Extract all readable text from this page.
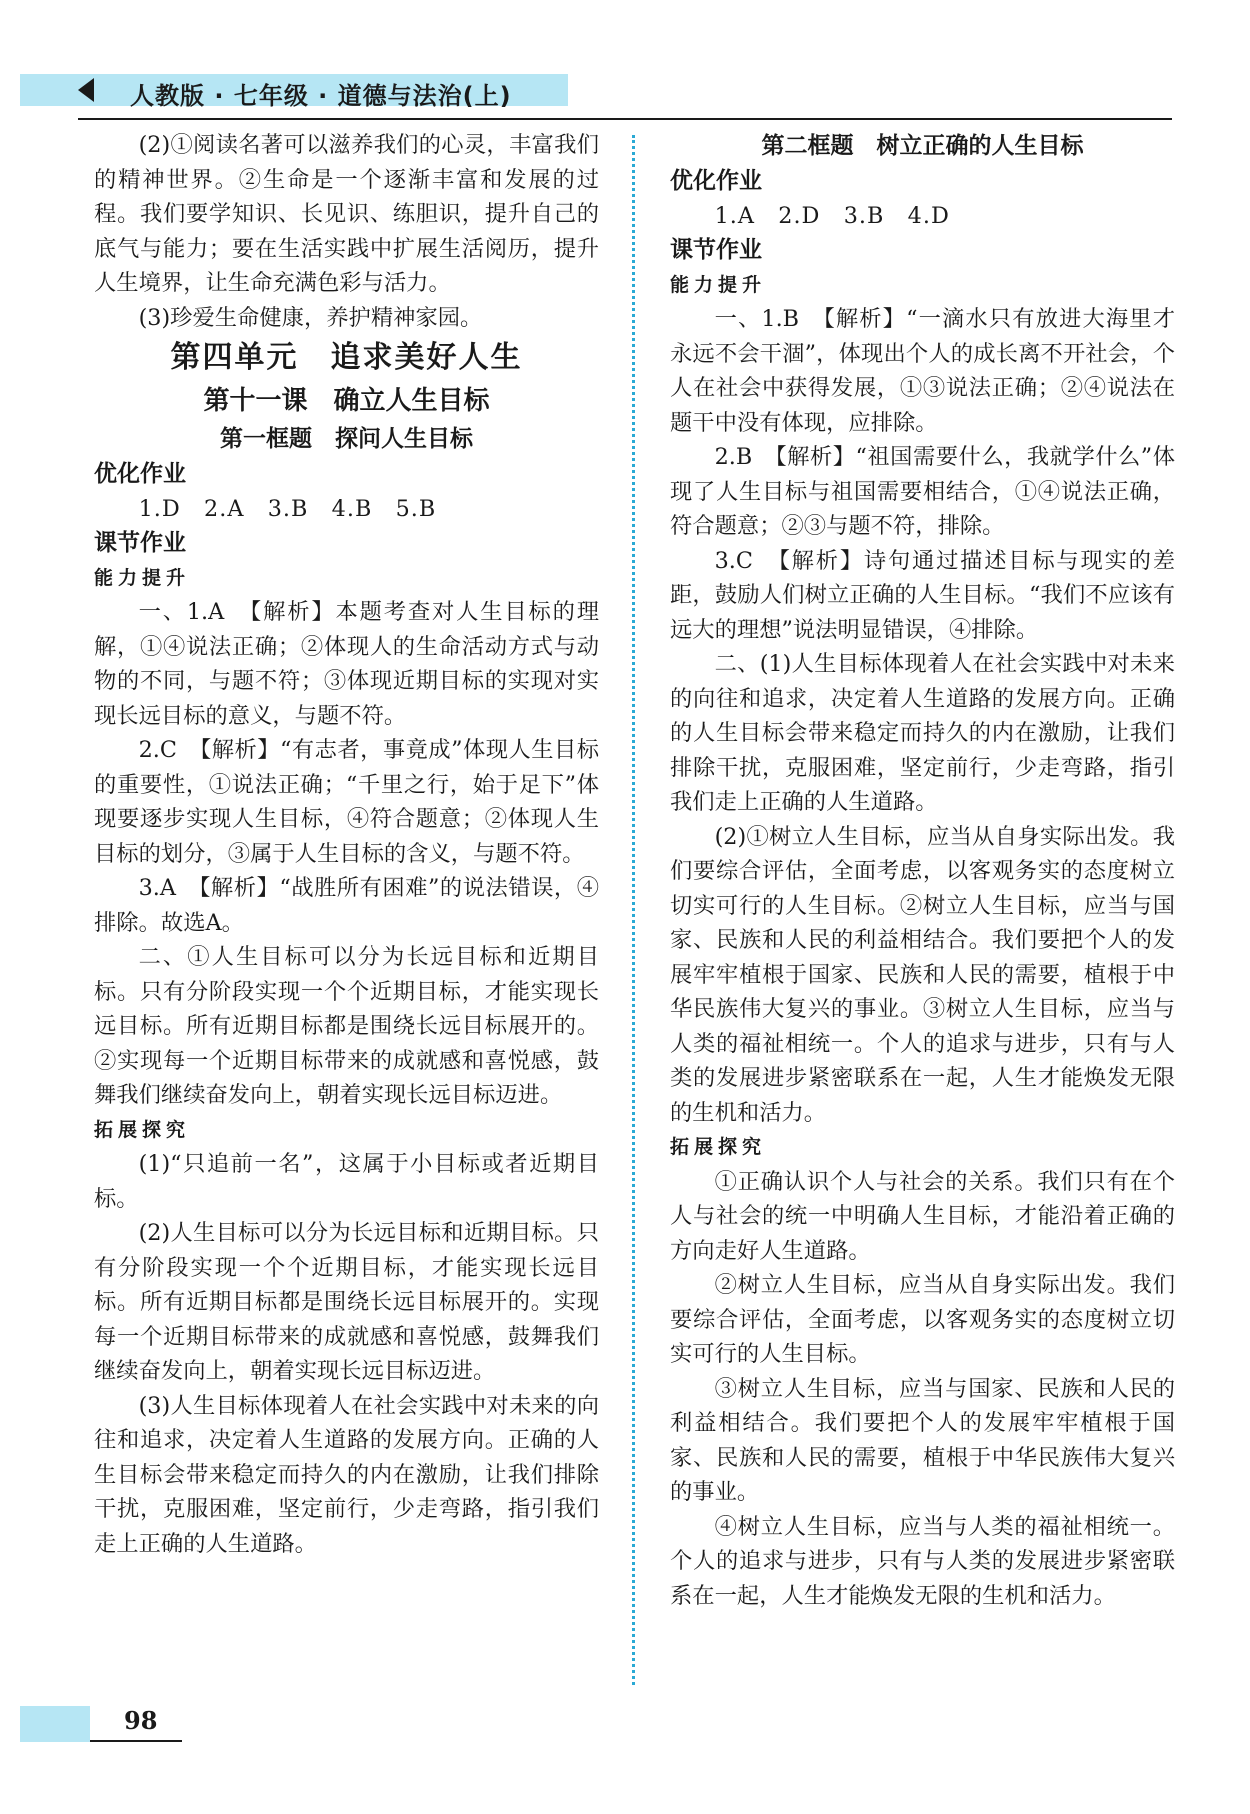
人教版 · 七年级 · 道德与法治(上)

(2)①阅读名著可以滋养我们的心灵，丰富我们的精神世界。②生命是一个逐渐丰富和发展的过程。我们要学知识、长见识、练胆识，提升自己的底气与能力；要在生活实践中扩展生活阅历，提升人生境界，让生命充满色彩与活力。

(3)珍爱生命健康，养护精神家园。

第四单元　追求美好人生

第十一课　确立人生目标

第一框题　探问人生目标

优化作业

1.D　2.A　3.B　4.B　5.B

课节作业

能力提升

一、1.A　【解析】本题考查对人生目标的理解，①④说法正确；②体现人的生命活动方式与动物的不同，与题不符；③体现近期目标的实现对实现长远目标的意义，与题不符。

2.C　【解析】“有志者，事竟成”体现人生目标的重要性，①说法正确；“千里之行，始于足下”体现要逐步实现人生目标，④符合题意；②体现人生目标的划分，③属于人生目标的含义，与题不符。

3.A　【解析】“战胜所有困难”的说法错误，④排除。故选A。

二、①人生目标可以分为长远目标和近期目标。只有分阶段实现一个个近期目标，才能实现长远目标。所有近期目标都是围绕长远目标展开的。②实现每一个近期目标带来的成就感和喜悦感，鼓舞我们继续奋发向上，朝着实现长远目标迈进。

拓展探究

(1)“只追前一名”，这属于小目标或者近期目标。

(2)人生目标可以分为长远目标和近期目标。只有分阶段实现一个个近期目标，才能实现长远目标。所有近期目标都是围绕长远目标展开的。实现每一个近期目标带来的成就感和喜悦感，鼓舞我们继续奋发向上，朝着实现长远目标迈进。

(3)人生目标体现着人在社会实践中对未来的向往和追求，决定着人生道路的发展方向。正确的人生目标会带来稳定而持久的内在激励，让我们排除干扰，克服困难，坚定前行，少走弯路，指引我们走上正确的人生道路。

第二框题　树立正确的人生目标

优化作业

1.A　2.D　3.B　4.D

课节作业

能力提升

一、1.B　【解析】“一滴水只有放进大海里才永远不会干涸”，体现出个人的成长离不开社会，个人在社会中获得发展，①③说法正确；②④说法在题干中没有体现，应排除。

2.B　【解析】“祖国需要什么，我就学什么”体现了人生目标与祖国需要相结合，①④说法正确，符合题意；②③与题不符，排除。

3.C　【解析】诗句通过描述目标与现实的差距，鼓励人们树立正确的人生目标。“我们不应该有远大的理想”说法明显错误，④排除。

二、(1)人生目标体现着人在社会实践中对未来的向往和追求，决定着人生道路的发展方向。正确的人生目标会带来稳定而持久的内在激励，让我们排除干扰，克服困难，坚定前行，少走弯路，指引我们走上正确的人生道路。

(2)①树立人生目标，应当从自身实际出发。我们要综合评估，全面考虑，以客观务实的态度树立切实可行的人生目标。②树立人生目标，应当与国家、民族和人民的利益相结合。我们要把个人的发展牢牢植根于国家、民族和人民的需要，植根于中华民族伟大复兴的事业。③树立人生目标，应当与人类的福祉相统一。个人的追求与进步，只有与人类的发展进步紧密联系在一起，人生才能焕发无限的生机和活力。

拓展探究

①正确认识个人与社会的关系。我们只有在个人与社会的统一中明确人生目标，才能沿着正确的方向走好人生道路。

②树立人生目标，应当从自身实际出发。我们要综合评估，全面考虑，以客观务实的态度树立切实可行的人生目标。

③树立人生目标，应当与国家、民族和人民的利益相结合。我们要把个人的发展牢牢植根于国家、民族和人民的需要，植根于中华民族伟大复兴的事业。

④树立人生目标，应当与人类的福祉相统一。个人的追求与进步，只有与人类的发展进步紧密联系在一起，人生才能焕发无限的生机和活力。

98
